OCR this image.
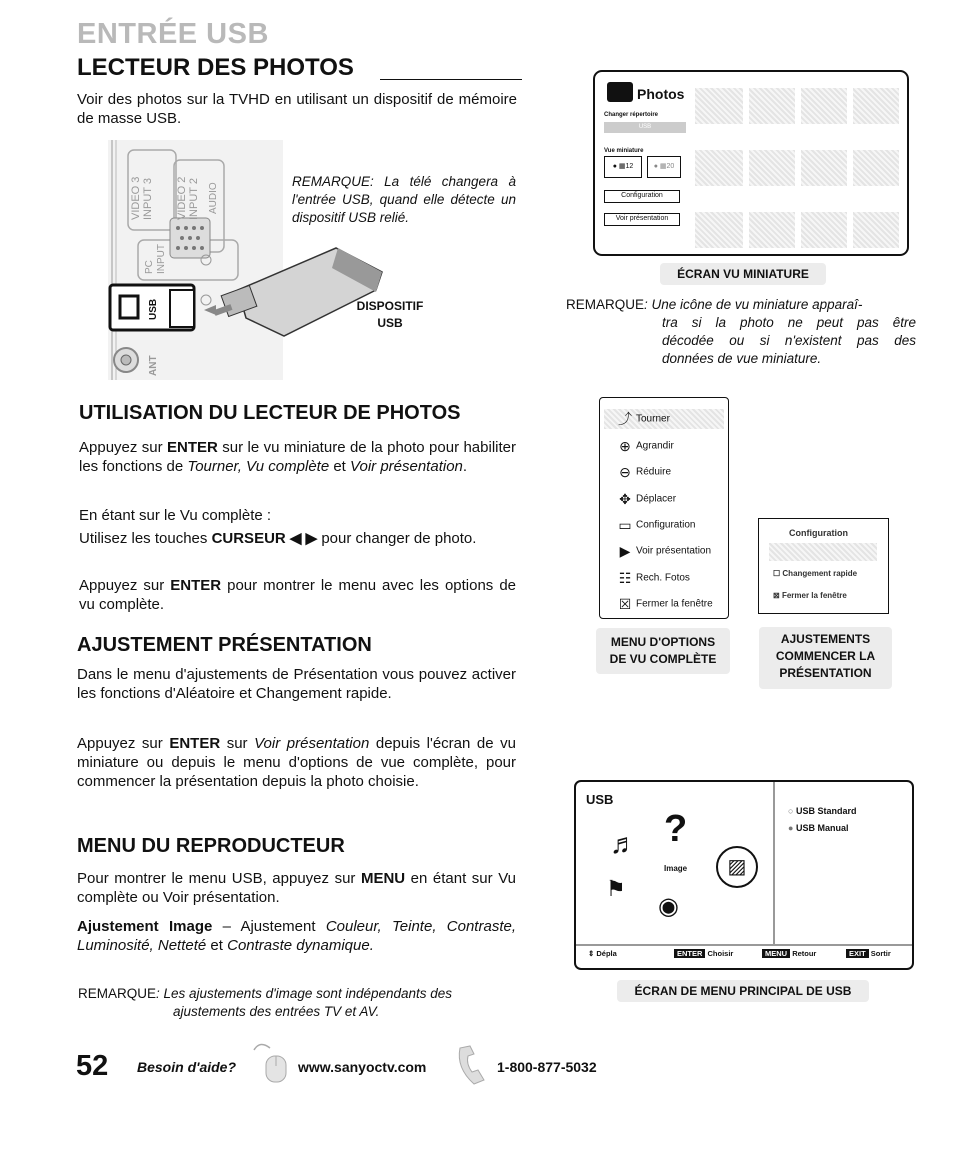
ENTRÉE USB
LECTEUR DES PHOTOS
Voir des photos sur la TVHD en utilisant un dispositif de mémoire de masse USB.
VIDEO 3 INPUT 3 VIDEO 2 INPUT 2 AUDIO
PC INPUT
USB
ANT
REMARQUE: La télé changera à l'entrée USB, quand elle détecte un dispositif USB relié.
DISPOSITIF
USB
Photos
Changer répertoire
USB
Vue miniature
● ▦12	● ▦20
Configuration
Voir présentation
ÉCRAN VU MINIATURE
REMARQUE: Une icône de vu miniature apparaî-
tra si la photo ne peut pas être
décodée ou si n'existent pas des
données de vue miniature.
UTILISATION DU LECTEUR DE PHOTOS
Appuyez sur ENTER sur le vu miniature de la photo pour habiliter les fonctions de Tourner, Vu complète et Voir présentation.
En étant sur le Vu complète :
Utilisez les touches CURSEUR ◀ ▶ pour changer de photo.
Appuyez sur ENTER pour montrer le menu avec les options de vu complète.
⤴ Tourner
⊕ Agrandir
⊖ Réduire
✥ Déplacer
▭ Configuration
▶ Voir présentation
☷ Rech. Fotos
☒ Fermer la fenêtre
MENU D'OPTIONS
DE VU COMPLÈTE
Configuration
☐ Changement rapide
⊠ Fermer la fenêtre
AJUSTEMENTS
COMMENCER LA
PRÉSENTATION
AJUSTEMENT PRÉSENTATION
Dans le menu d'ajustements de Présentation vous pouvez activer les fonctions d'Aléatoire et Changement rapide.
Appuyez sur ENTER sur Voir présentation depuis l'écran de vu miniature ou depuis le menu d'options de vue complète, pour commencer la présentation depuis la photo choisie.
MENU DU REPRODUCTEUR
Pour montrer le menu USB, appuyez sur MENU en étant sur Vu complète ou Voir présentation.
Ajustement Image – Ajustement Couleur, Teinte, Contraste, Luminosité, Netteté et Contraste dynamique.
REMARQUE: Les ajustements d'image sont indépendants des
ajustements des entrées TV et AV.
USB
♬ ?
Image	▨
⚑
◉
○ USB Standard
● USB Manual
⇕ Dépla	ENTER Choisir	MENU Retour	EXIT Sortir
ÉCRAN DE MENU PRINCIPAL DE USB
52 Besoin d'aide?	www.sanyoctv.com	1-800-877-5032
